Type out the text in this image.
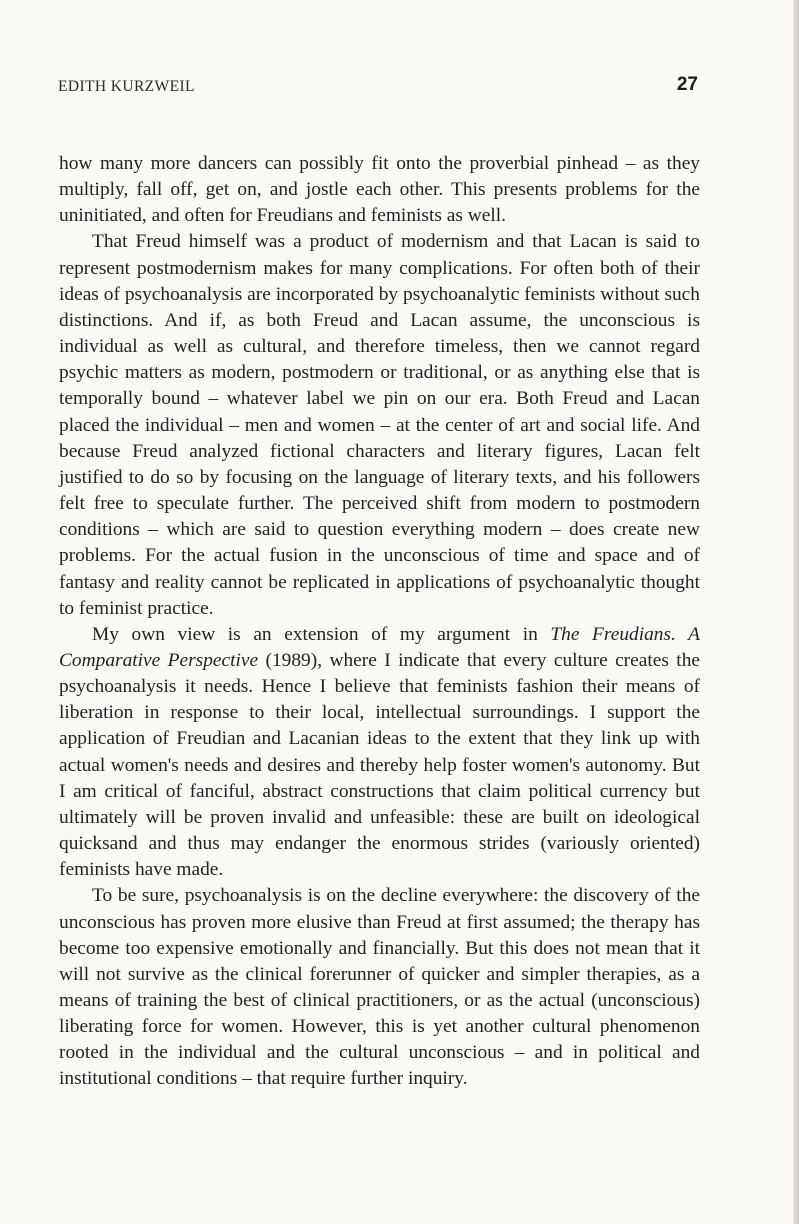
EDITH KURZWEIL	27

how many more dancers can possibly fit onto the proverbial pinhead – as they multiply, fall off, get on, and jostle each other. This presents problems for the uninitiated, and often for Freudians and feminists as well.

That Freud himself was a product of modernism and that Lacan is said to represent postmodernism makes for many complications. For often both of their ideas of psychoanalysis are incorporated by psychoanalytic feminists without such distinctions. And if, as both Freud and Lacan assume, the unconscious is individual as well as cultural, and therefore timeless, then we cannot regard psychic matters as modern, postmodern or traditional, or as anything else that is temporally bound – whatever label we pin on our era. Both Freud and Lacan placed the individual – men and women – at the center of art and social life. And because Freud analyzed fictional characters and literary figures, Lacan felt justified to do so by focusing on the language of literary texts, and his followers felt free to speculate further. The perceived shift from modern to postmodern conditions – which are said to question everything modern – does create new problems. For the actual fusion in the unconscious of time and space and of fantasy and reality cannot be replicated in applications of psychoanalytic thought to feminist practice.

My own view is an extension of my argument in The Freudians. A Comparative Perspective (1989), where I indicate that every culture creates the psychoanalysis it needs. Hence I believe that feminists fashion their means of liberation in response to their local, intellectual surroundings. I support the application of Freudian and Lacanian ideas to the extent that they link up with actual women's needs and desires and thereby help foster women's autonomy. But I am critical of fanciful, abstract constructions that claim political currency but ultimately will be proven invalid and unfeasible: these are built on ideological quicksand and thus may endanger the enormous strides (variously oriented) feminists have made.

To be sure, psychoanalysis is on the decline everywhere: the discovery of the unconscious has proven more elusive than Freud at first assumed; the therapy has become too expensive emotionally and financially. But this does not mean that it will not survive as the clinical forerunner of quicker and simpler therapies, as a means of training the best of clinical practitioners, or as the actual (unconscious) liberating force for women. However, this is yet another cultural phenomenon rooted in the individual and the cultural unconscious – and in political and institutional conditions – that require further inquiry.
